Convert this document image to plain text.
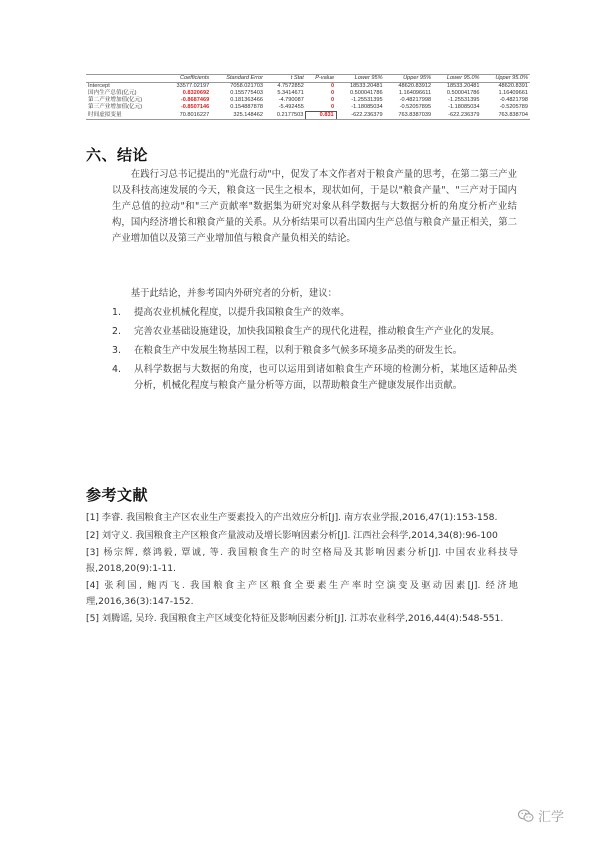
	Coefficients	Standard Error	t Stat	P-value	Lower 95%	Upper 95%	Lower 95.0%	Upper 95.0%
Intercept	33577.02197	7058.021703	4.7572852	0	18533.20481	48620.83912	18533.20481	48620.8391
国内生产总值(亿元)	0.8320692	0.155775403	5.3414671	0	0.500041786	1.164096611	0.500041786	1.16409661
第二产业增加值(亿元)	-0.8687469	0.181363466	-4.790087	0	-1.25531395	-0.48217998	-1.25531395	-0.4821798
第三产业增加值(亿元)	-0.8507146	0.154887878	-5.492455	0	-1.18085034	-0.52057895	-1.18085034	-0.5205789
时间虚拟变量	70.8016227	325.148462	0.2177503	0.831	-622.236379	763.8387039	-622.236379	763.838704
六、结论

在践行习总书记提出的"光盘行动"中，促发了本文作者对于粮食产量的思考，在第二第三产业以及科技高速发展的今天，粮食这一民生之根本，现状如何，于是以"粮食产量"、"三产对于国内生产总值的拉动"和"三产贡献率"数据集为研究对象从科学数据与大数据分析的角度分析产业结构，国内经济增长和粮食产量的关系。从分析结果可以看出国内生产总值与粮食产量正相关，第二产业增加值以及第三产业增加值与粮食产量负相关的结论。

基于此结论，并参考国内外研究者的分析，建议：

1. 提高农业机械化程度，以提升我国粮食生产的效率。
2. 完善农业基础设施建设，加快我国粮食生产的现代化进程，推动粮食生产产业化的发展。
3. 在粮食生产中发展生物基因工程，以利于粮食多气候多环境多品类的研发生长。
4. 从科学数据与大数据的角度，也可以运用到诸如粮食生产环境的检测分析，某地区适种品类分析，机械化程度与粮食产量分析等方面，以帮助粮食生产健康发展作出贡献。
参考文献
[1] 李睿. 我国粮食主产区农业生产要素投入的产出效应分析[J]. 南方农业学报,2016,47(1):153-158.
[2] 刘守义. 我国粮食主产区粮食产量波动及增长影响因素分析[J]. 江西社会科学,2014,34(8):96-100
[3] 杨宗辉, 蔡鸿毅, 覃诚, 等. 我国粮食生产的时空格局及其影响因素分析[J]. 中国农业科技导报,2018,20(9):1-11.
[4] 张利国, 鲍丙飞. 我国粮食主产区粮食全要素生产率时空演变及驱动因素[J]. 经济地理,2016,36(3):147-152.
[5] 刘腾谣, 吴玲. 我国粮食主产区域变化特征及影响因素分析[J]. 江苏农业科学,2016,44(4):548-551.
汇学
